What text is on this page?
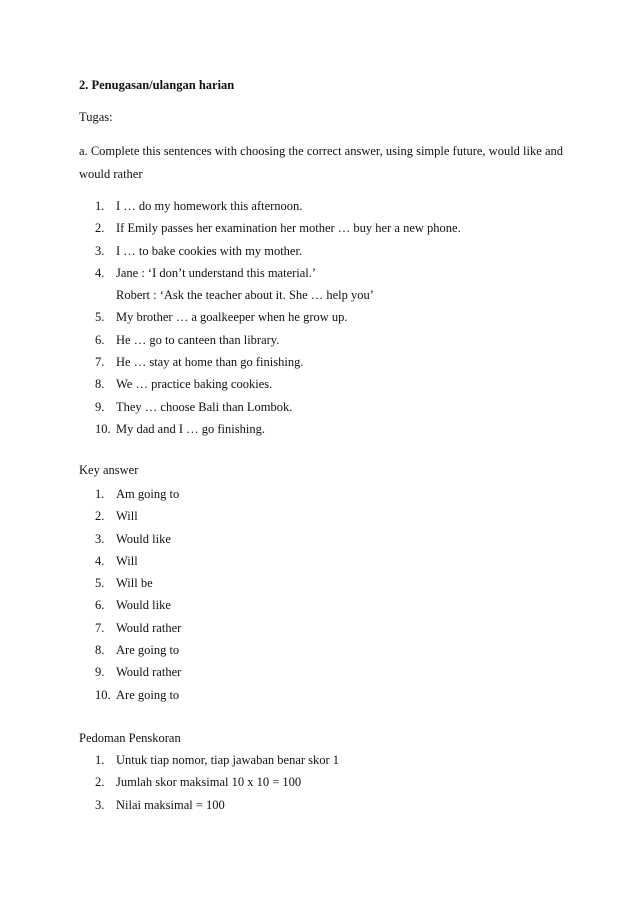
2. Penugasan/ulangan harian
Tugas:
a. Complete this sentences with choosing the correct answer, using simple future, would like and would rather
1. I … do my homework this afternoon.
2. If Emily passes her examination her mother … buy her a new phone.
3. I … to bake cookies with my mother.
4. Jane : ‘I don’t understand this material.’
Robert : ‘Ask the teacher about it. She … help you’
5. My brother … a goalkeeper when he grow up.
6. He … go to canteen than library.
7. He … stay at home than go finishing.
8. We … practice baking cookies.
9. They … choose Bali than Lombok.
10. My dad and I … go finishing.
Key answer
1. Am going to
2. Will
3. Would like
4. Will
5. Will be
6. Would like
7. Would rather
8. Are going to
9. Would rather
10. Are going to
Pedoman Penskoran
1. Untuk tiap nomor, tiap jawaban benar skor 1
2. Jumlah skor maksimal 10 x 10 = 100
3. Nilai maksimal = 100
